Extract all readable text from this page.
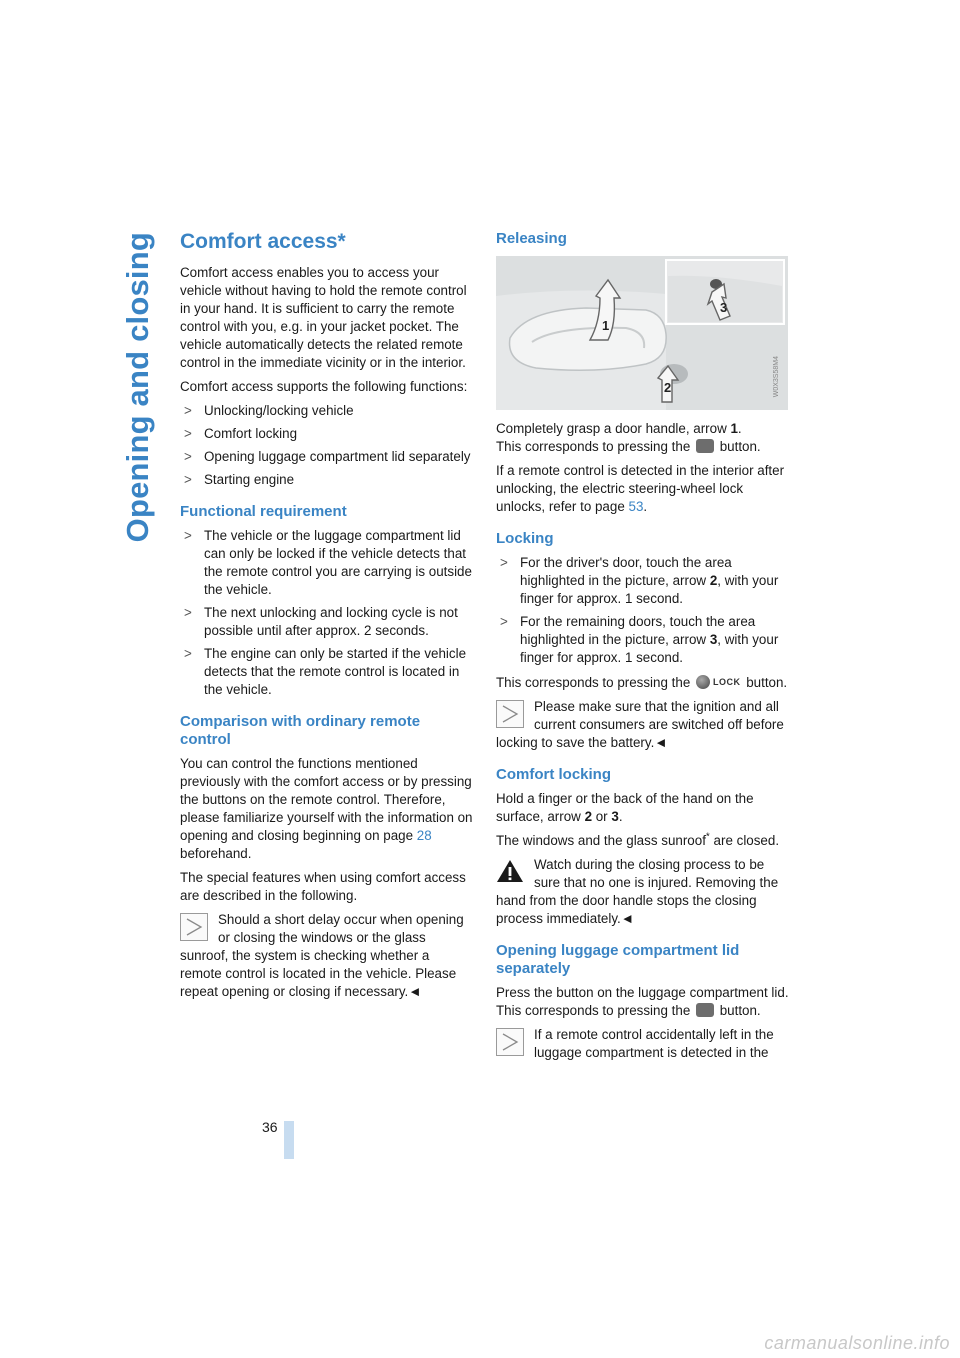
Opening and closing
36
Comfort access*

Comfort access enables you to access your vehicle without having to hold the remote control in your hand. It is sufficient to carry the remote control with you, e.g. in your jacket pocket. The vehicle automatically detects the related remote control in the immediate vicinity or in the interior.

Comfort access supports the following functions:

> Unlocking/locking vehicle
> Comfort locking
> Opening luggage compartment lid separately
> Starting engine
Functional requirement
> The vehicle or the luggage compartment lid can only be locked if the vehicle detects that the remote control you are carrying is outside the vehicle.
> The next unlocking and locking cycle is not possible until after approx. 2 seconds.
> The engine can only be started if the vehicle detects that the remote control is located in the vehicle.
Comparison with ordinary remote control

You can control the functions mentioned previously with the comfort access or by pressing the buttons on the remote control. Therefore, please familiarize yourself with the information on opening and closing beginning on page 28 beforehand.

The special features when using comfort access are described in the following.

Should a short delay occur when opening or closing the windows or the glass sunroof, the system is checking whether a remote control is located in the vehicle. Please repeat opening or closing if necessary.◄
Releasing
1
2
3
W0X3S58M4

Completely grasp a door handle, arrow 1.
This corresponds to pressing the  button.

If a remote control is detected in the interior after unlocking, the electric steering-wheel lock unlocks, refer to page 53.

Locking
> For the driver's door, touch the area highlighted in the picture, arrow 2, with your finger for approx. 1 second.
> For the remaining doors, touch the area highlighted in the picture, arrow 3, with your finger for approx. 1 second.

This corresponds to pressing the LOCK button.

Please make sure that the ignition and all current consumers are switched off before locking to save the battery.◄
Comfort locking

Hold a finger or the back of the hand on the surface, arrow 2 or 3.

The windows and the glass sunroof* are closed.

Watch during the closing process to be sure that no one is injured. Removing the hand from the door handle stops the closing process immediately.◄
Opening luggage compartment lid separately

Press the button on the luggage compartment lid. This corresponds to pressing the  button.

If a remote control accidentally left in the luggage compartment is detected in the
carmanualsonline.info
